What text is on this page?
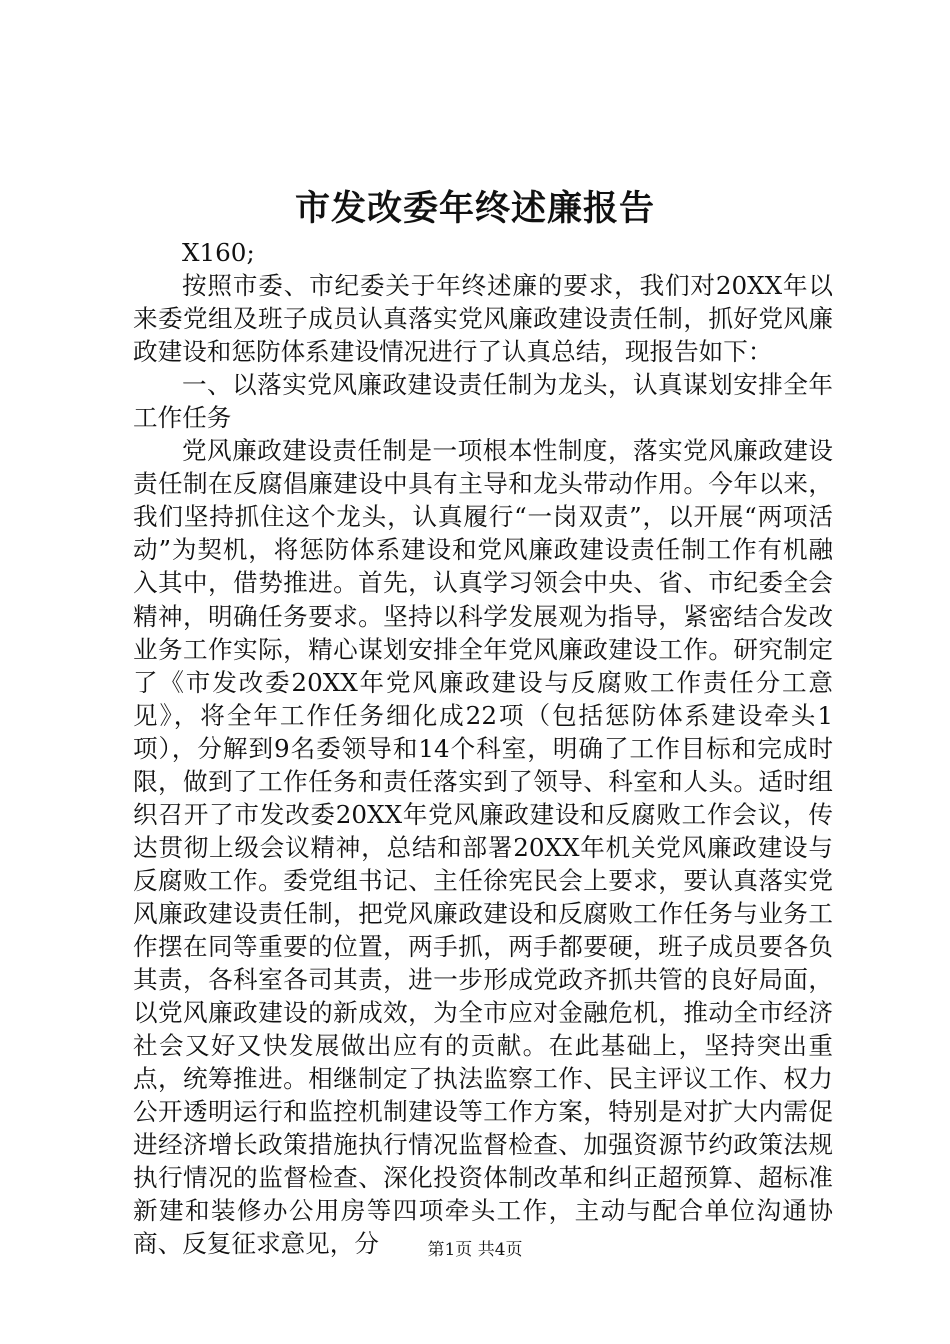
市发改委年终述廉报告

X160;

按照市委、市纪委关于年终述廉的要求，我们对20XX年以来委党组及班子成员认真落实党风廉政建设责任制，抓好党风廉政建设和惩防体系建设情况进行了认真总结，现报告如下：

一、以落实党风廉政建设责任制为龙头，认真谋划安排全年工作任务

党风廉政建设责任制是一项根本性制度，落实党风廉政建设责任制在反腐倡廉建设中具有主导和龙头带动作用。今年以来，我们坚持抓住这个龙头，认真履行“一岗双责”，以开展“两项活动”为契机，将惩防体系建设和党风廉政建设责任制工作有机融入其中，借势推进。首先，认真学习领会中央、省、市纪委全会精神，明确任务要求。坚持以科学发展观为指导，紧密结合发改业务工作实际，精心谋划安排全年党风廉政建设工作。研究制定了《市发改委20XX年党风廉政建设与反腐败工作责任分工意见》，将全年工作任务细化成22项（包括惩防体系建设牵头1项），分解到9名委领导和14个科室，明确了工作目标和完成时限，做到了工作任务和责任落实到了领导、科室和人头。适时组织召开了市发改委20XX年党风廉政建设和反腐败工作会议，传达贯彻上级会议精神，总结和部署20XX年机关党风廉政建设与反腐败工作。委党组书记、主任徐宪民会上要求，要认真落实党风廉政建设责任制，把党风廉政建设和反腐败工作任务与业务工作摆在同等重要的位置，两手抓，两手都要硬，班子成员要各负其责，各科室各司其责，进一步形成党政齐抓共管的良好局面，以党风廉政建设的新成效，为全市应对金融危机，推动全市经济社会又好又快发展做出应有的贡献。在此基础上，坚持突出重点，统筹推进。相继制定了执法监察工作、民主评议工作、权力公开透明运行和监控机制建设等工作方案，特别是对扩大内需促进经济增长政策措施执行情况监督检查、加强资源节约政策法规执行情况的监督检查、深化投资体制改革和纠正超预算、超标准新建和装修办公用房等四项牵头工作，主动与配合单位沟通协商、反复征求意见，分	第1页 共4页
